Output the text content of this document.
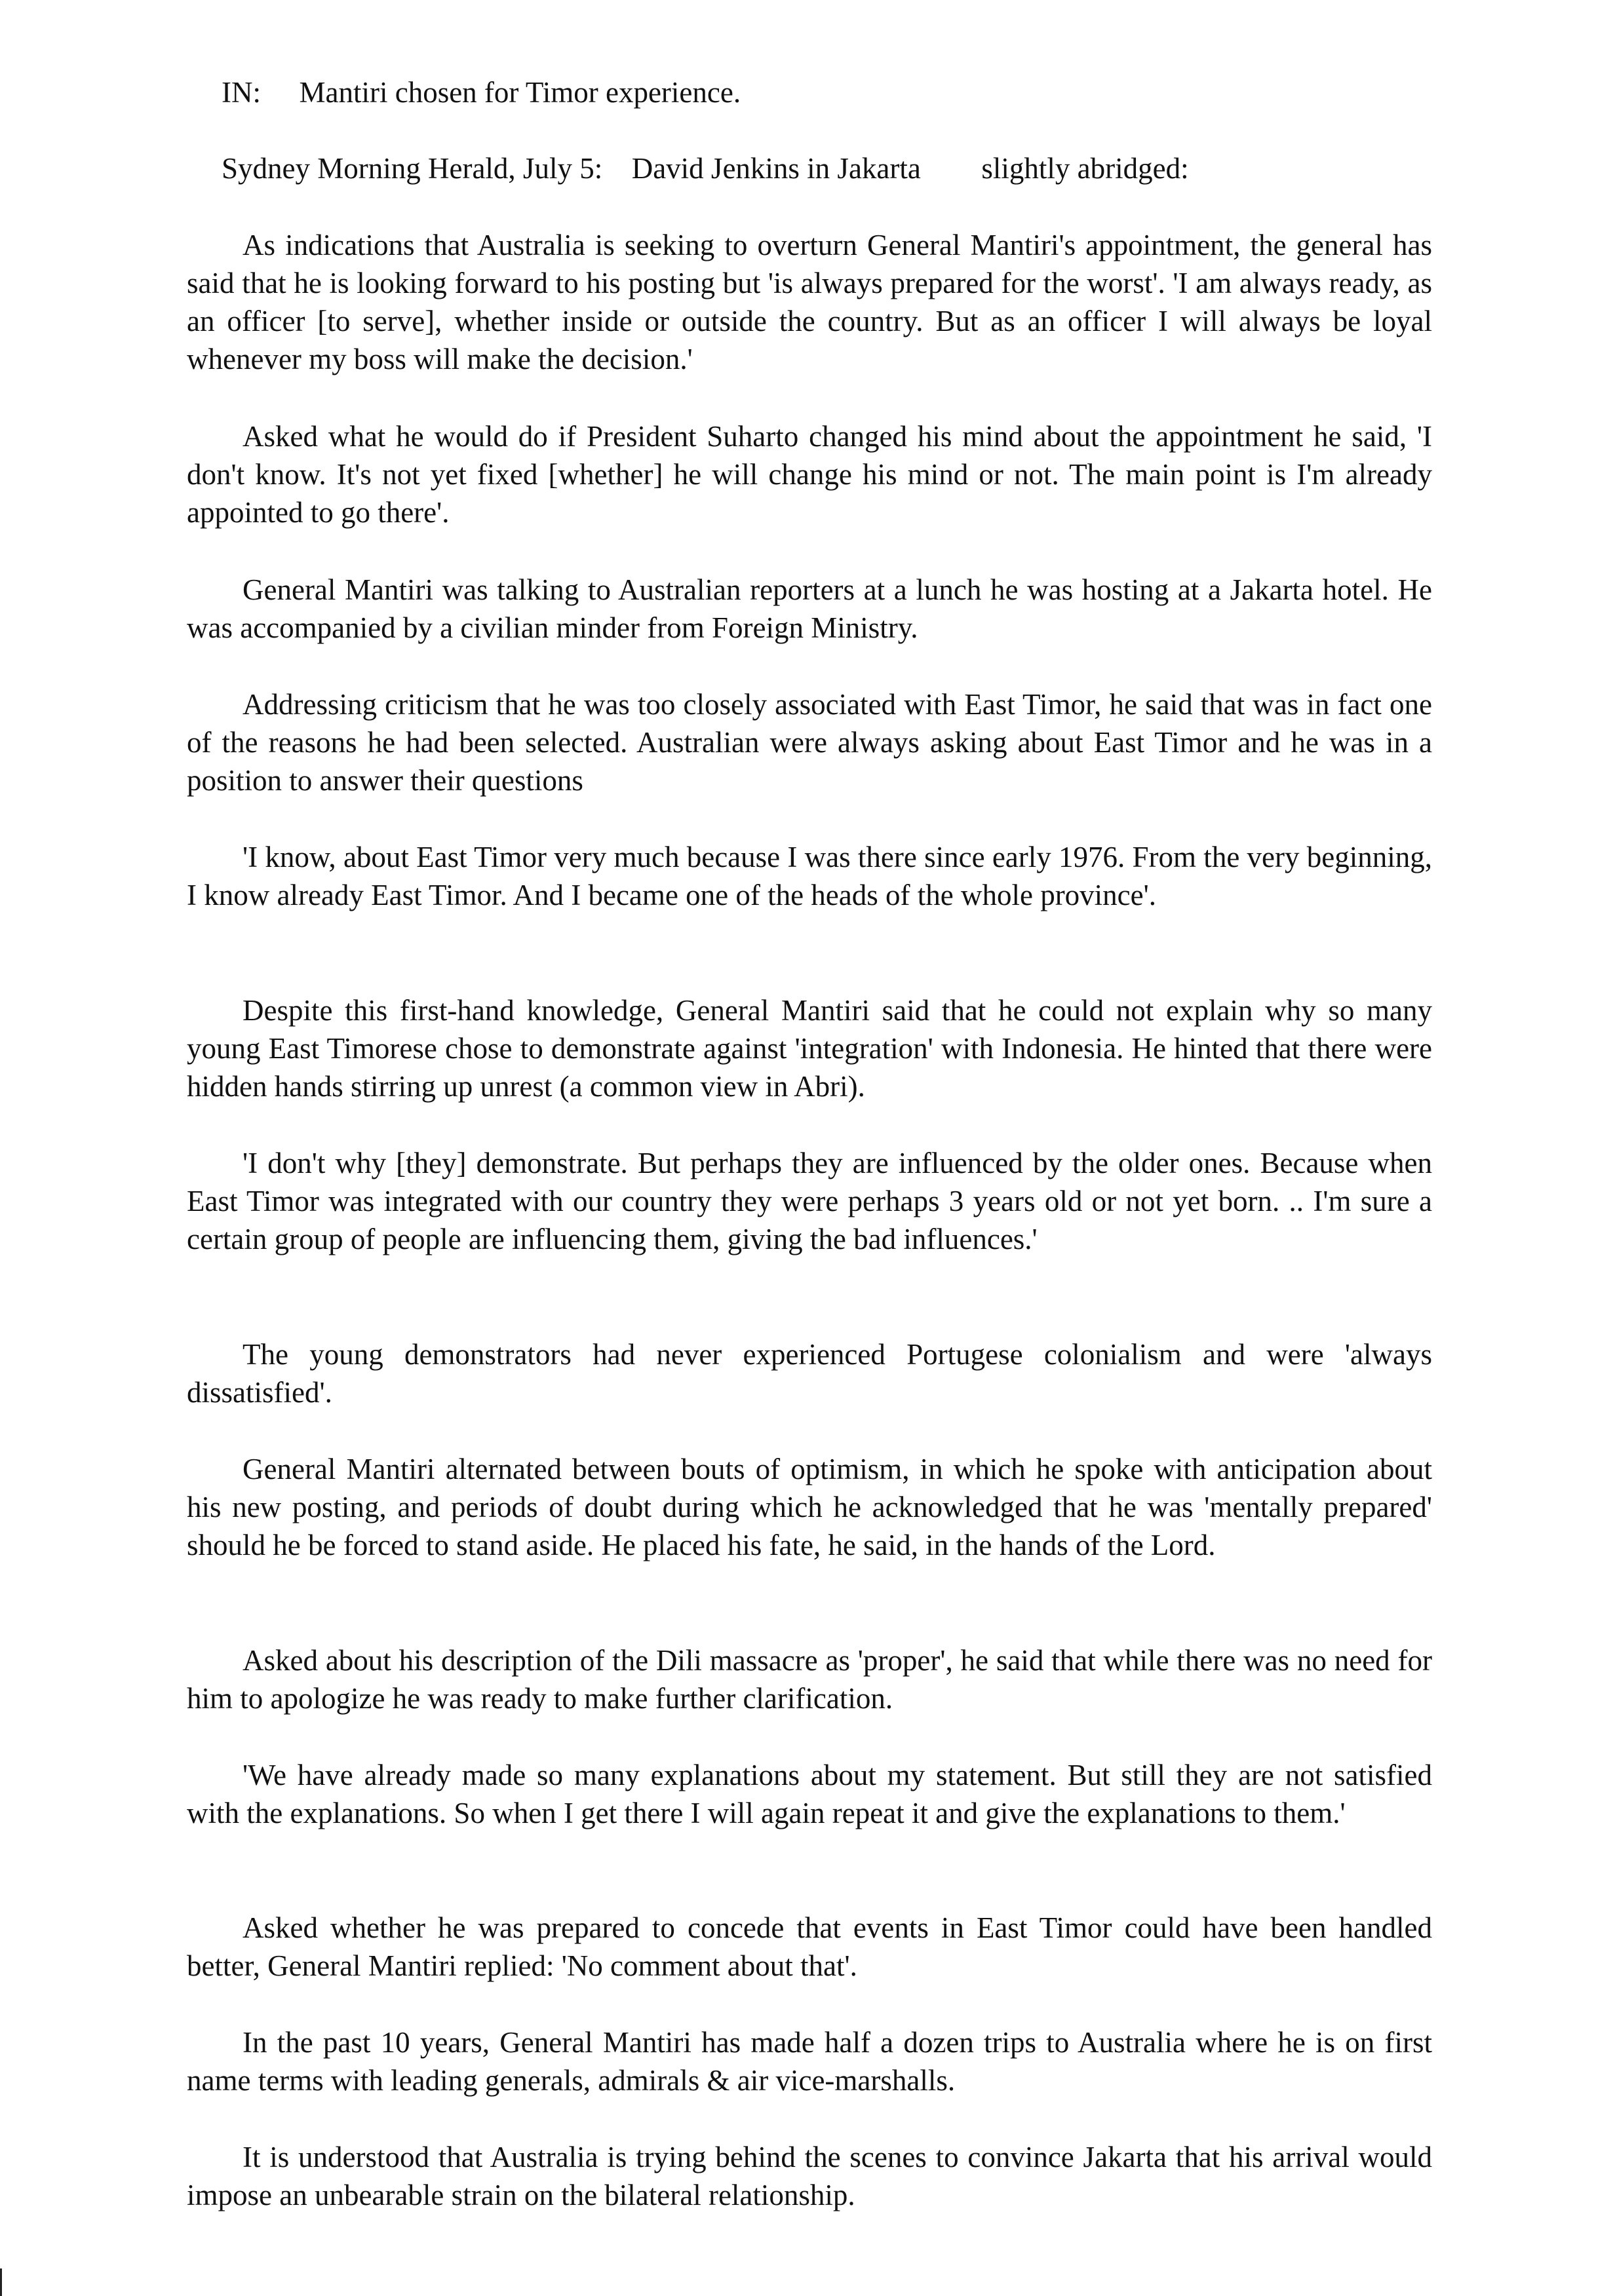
IN: Mantiri chosen for Timor experience.
Sydney Morning Herald, July 5: David Jenkins in Jakarta slightly abridged:

As indications that Australia is seeking to overturn General Mantiri's appointment, the general has said that he is looking forward to his posting but 'is always prepared for the worst'. 'I am always ready, as an officer [to serve], whether inside or outside the country. But as an officer I will always be loyal whenever my boss will make the decision.'

Asked what he would do if President Suharto changed his mind about the appointment he said, 'I don't know. It's not yet fixed [whether] he will change his mind or not. The main point is I'm already appointed to go there'.

General Mantiri was talking to Australian reporters at a lunch he was hosting at a Jakarta hotel. He was accompanied by a civilian minder from Foreign Ministry.

Addressing criticism that he was too closely associated with East Timor, he said that was in fact one of the reasons he had been selected. Australian were always asking about East Timor and he was in a position to answer their questions

'I know, about East Timor very much because I was there since early 1976. From the very beginning, I know already East Timor. And I became one of the heads of the whole province'.

Despite this first-hand knowledge, General Mantiri said that he could not explain why so many young East Timorese chose to demonstrate against 'integration' with Indonesia. He hinted that there were hidden hands stirring up unrest (a common view in Abri).

'I don't why [they] demonstrate. But perhaps they are influenced by the older ones. Because when East Timor was integrated with our country they were perhaps 3 years old or not yet born. .. I'm sure a certain group of people are influencing them, giving the bad influences.'

The young demonstrators had never experienced Portugese colonialism and were 'always dissatisfied'.

General Mantiri alternated between bouts of optimism, in which he spoke with anticipation about his new posting, and periods of doubt during which he acknowledged that he was 'mentally prepared' should he be forced to stand aside. He placed his fate, he said, in the hands of the Lord.

Asked about his description of the Dili massacre as 'proper', he said that while there was no need for him to apologize he was ready to make further clarification.

'We have already made so many explanations about my statement. But still they are not satisfied with the explanations. So when I get there I will again repeat it and give the explanations to them.'

Asked whether he was prepared to concede that events in East Timor could have been handled better, General Mantiri replied: 'No comment about that'.

In the past 10 years, General Mantiri has made half a dozen trips to Australia where he is on first name terms with leading generals, admirals & air vice-marshalls.

It is understood that Australia is trying behind the scenes to convince Jakarta that his arrival would impose an unbearable strain on the bilateral relationship.
